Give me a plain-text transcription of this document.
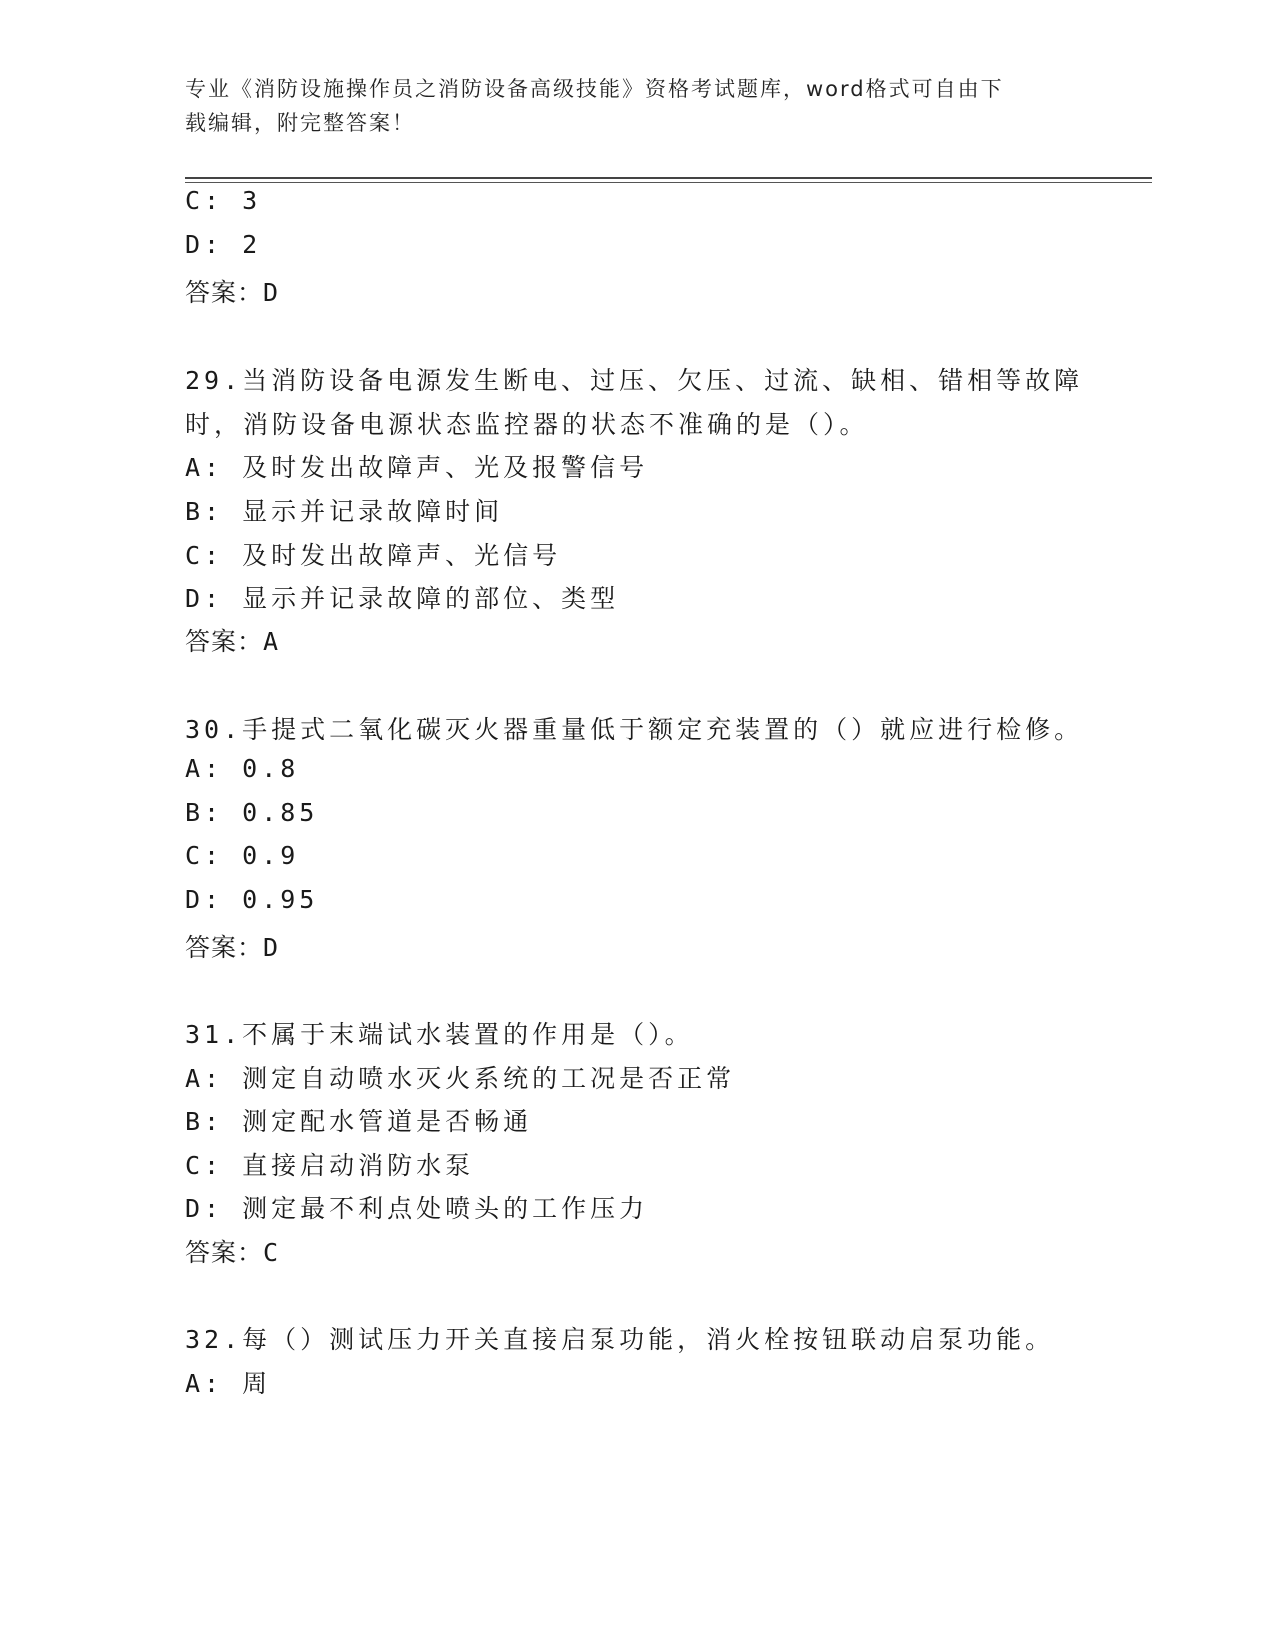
专业《消防设施操作员之消防设备高级技能》资格考试题库，word格式可自由下
载编辑，附完整答案！
C: 3
D: 2
答案：D
29.当消防设备电源发生断电、过压、欠压、过流、缺相、错相等故障
时，消防设备电源状态监控器的状态不准确的是（）。
A: 及时发出故障声、光及报警信号
B: 显示并记录故障时间
C: 及时发出故障声、光信号
D: 显示并记录故障的部位、类型
答案：A
30.手提式二氧化碳灭火器重量低于额定充装置的（）就应进行检修。
A: 0.8
B: 0.85
C: 0.9
D: 0.95
答案：D
31.不属于末端试水装置的作用是（）。
A: 测定自动喷水灭火系统的工况是否正常
B: 测定配水管道是否畅通
C: 直接启动消防水泵
D: 测定最不利点处喷头的工作压力
答案：C
32.每（）测试压力开关直接启泵功能，消火栓按钮联动启泵功能。
A: 周
